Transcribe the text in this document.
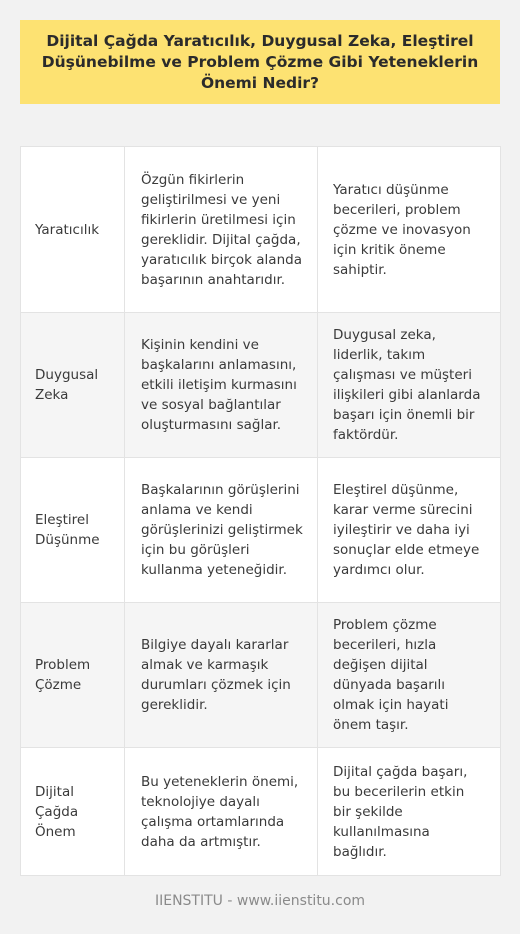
Dijital Çağda Yaratıcılık, Duygusal Zeka, Eleştirel Düşünebilme ve Problem Çözme Gibi Yeteneklerin Önemi Nedir?
Yaratıcılık	Özgün fikirlerin geliştirilmesi ve yeni fikirlerin üretilmesi için gereklidir. Dijital çağda, yaratıcılık birçok alanda başarının anahtarıdır.	Yaratıcı düşünme becerileri, problem çözme ve inovasyon için kritik öneme sahiptir.
Duygusal Zeka	Kişinin kendini ve başkalarını anlamasını, etkili iletişim kurmasını ve sosyal bağlantılar oluşturmasını sağlar.	Duygusal zeka, liderlik, takım çalışması ve müşteri ilişkileri gibi alanlarda başarı için önemli bir faktördür.
Eleştirel Düşünme	Başkalarının görüşlerini anlama ve kendi görüşlerinizi geliştirmek için bu görüşleri kullanma yeteneğidir.	Eleştirel düşünme, karar verme sürecini iyileştirir ve daha iyi sonuçlar elde etmeye yardımcı olur.
Problem Çözme	Bilgiye dayalı kararlar almak ve karmaşık durumları çözmek için gereklidir.	Problem çözme becerileri, hızla değişen dijital dünyada başarılı olmak için hayati önem taşır.
Dijital Çağda Önem	Bu yeteneklerin önemi, teknolojiye dayalı çalışma ortamlarında daha da artmıştır.	Dijital çağda başarı, bu becerilerin etkin bir şekilde kullanılmasına bağlıdır.
IIENSTITU - www.iienstitu.com
